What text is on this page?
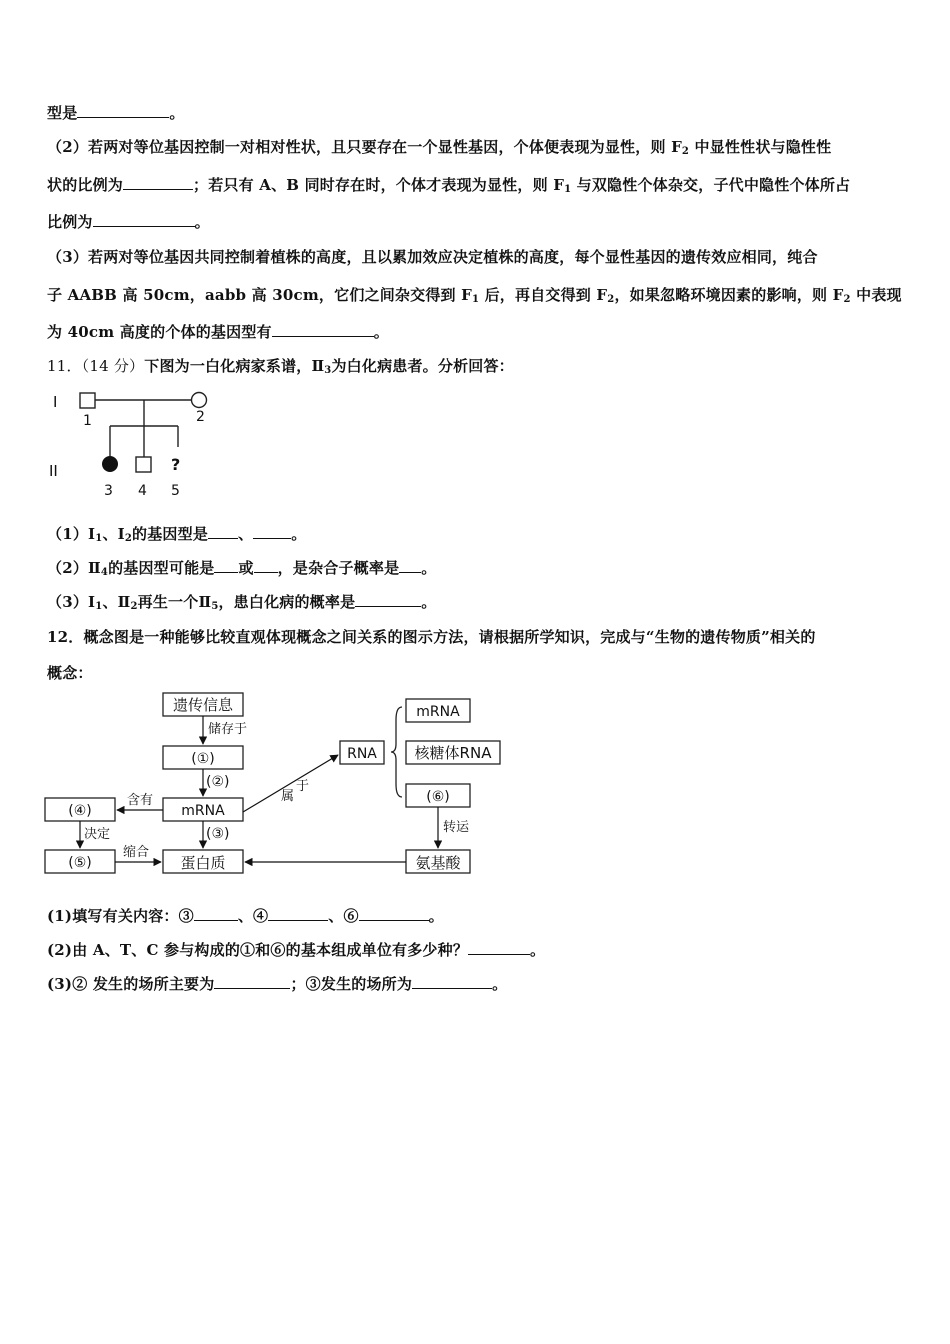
型是	。
（2）若两对等位基因控制一对相对性状，且只要存在一个显性基因，个体便表现为显性，则 $F_2$ 中显性性状与隐性性
状的比例为	；若只有 A、B 同时存在时，个体才表现为显性，则 $F_1$ 与双隐性个体杂交，子代中隐性个体所占
比例为	。
（3）若两对等位基因共同控制着植株的高度，且以累加效应决定植株的高度，每个显性基因的遗传效应相同，纯合
子 AABB 高 50cm，aabb 高 30cm，它们之间杂交得到 $F_1$ 后，再自交得到 $F_2$，如果忽略环境因素的影响，则 $F_2$ 中表现
为 40cm 高度的个体的基因型有	。
11．（14 分）下图为一白化病家系谱，$Ⅱ_3$为白化病患者。分析回答：
I
II
1	2
?
3 4 5
$(1)Ⅰ_1$、$Ⅰ_2$的基因型是 、	。
$(2)Ⅱ_4$的基因型可能是 或 ，是杂合子概率是 。
$(3)Ⅰ_1$、$Ⅱ_2$再生一个$Ⅱ_5$，患白化病的概率是	。
12．概念图是一种能够比较直观体现概念之间关系的图示方法，请根据所学知识，完成与“生物的遗传物质”相关的
概念：
遗传信息
储存于
(①)
(②)
mRNA
(③)
(④)
含有
决定
(⑤)
缩合
蛋白质
属
于
RNA
mRNA
核糖体RNA
(⑥)
转运
氨基酸
(1)填写有关内容：③	、④	、⑥	。
(2)由 A、T、C 参与构成的①和⑥的基本组成单位有多少种？	。
(3)② 发生的场所主要为	；③发生的场所为	。
